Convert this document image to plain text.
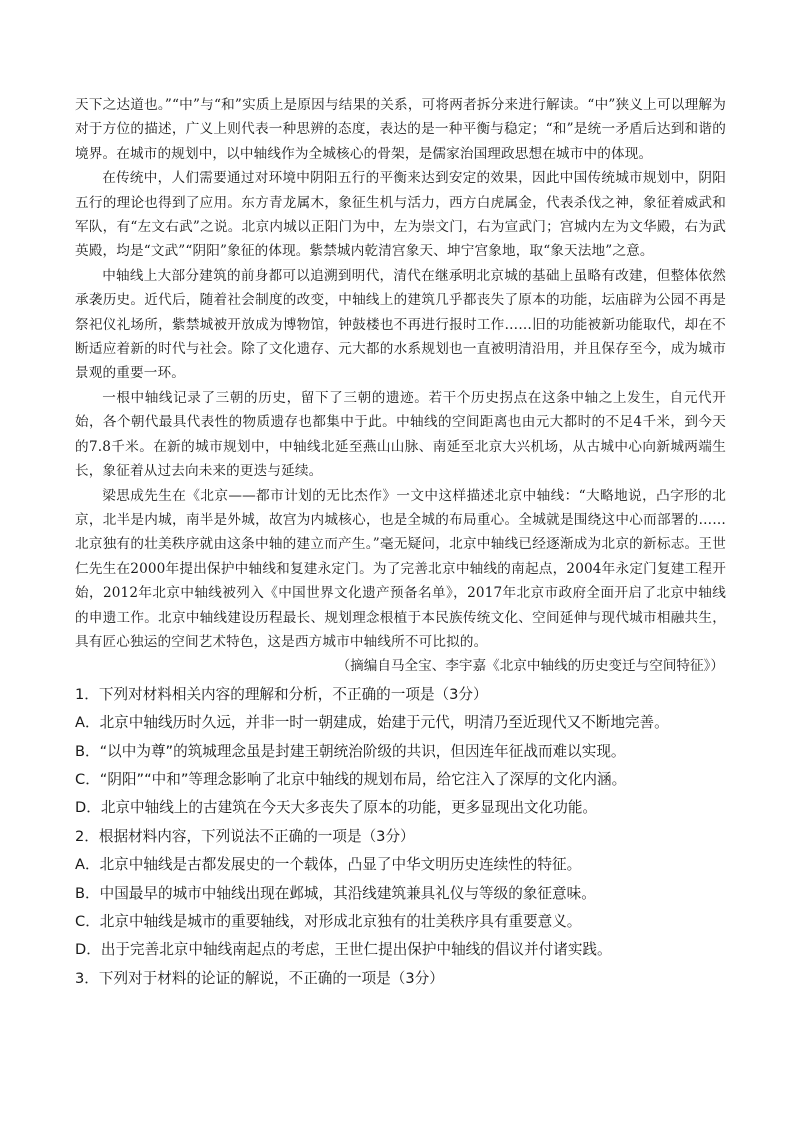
天下之达道也。”“中”与“和”实质上是原因与结果的关系，可将两者拆分来进行解读。“中”狭义上可以理解为对于方位的描述，广义上则代表一种思辨的态度，表达的是一种平衡与稳定；“和”是统一矛盾后达到和谐的境界。在城市的规划中，以中轴线作为全城核心的骨架，是儒家治国理政思想在城市中的体现。

在传统中，人们需要通过对环境中阴阳五行的平衡来达到安定的效果，因此中国传统城市规划中，阴阳五行的理论也得到了应用。东方青龙属木，象征生机与活力，西方白虎属金，代表杀伐之神，象征着威武和军队，有“左文右武”之说。北京内城以正阳门为中，左为崇文门，右为宣武门；宫城内左为文华殿，右为武英殿，均是“文武”“阴阳”象征的体现。紫禁城内乾清宫象天、坤宁宫象地，取“象天法地”之意。

中轴线上大部分建筑的前身都可以追溯到明代，清代在继承明北京城的基础上虽略有改建，但整体依然承袭历史。近代后，随着社会制度的改变，中轴线上的建筑几乎都丧失了原本的功能，坛庙辟为公园不再是祭祀仪礼场所，紫禁城被开放成为博物馆，钟鼓楼也不再进行报时工作……旧的功能被新功能取代，却在不断适应着新的时代与社会。除了文化遗存、元大都的水系规划也一直被明清沿用，并且保存至今，成为城市景观的重要一环。

一根中轴线记录了三朝的历史，留下了三朝的遗迹。若干个历史拐点在这条中轴之上发生，自元代开始，各个朝代最具代表性的物质遗存也都集中于此。中轴线的空间距离也由元大都时的不足4千米，到今天的7.8千米。在新的城市规划中，中轴线北延至燕山山脉、南延至北京大兴机场，从古城中心向新城两端生长，象征着从过去向未来的更迭与延续。

梁思成先生在《北京——都市计划的无比杰作》一文中这样描述北京中轴线：“大略地说，凸字形的北京，北半是内城，南半是外城，故宫为内城核心，也是全城的布局重心。全城就是围绕这中心而部署的……北京独有的壮美秩序就由这条中轴的建立而产生。”毫无疑问，北京中轴线已经逐渐成为北京的新标志。王世仁先生在2000年提出保护中轴线和复建永定门。为了完善北京中轴线的南起点，2004年永定门复建工程开始，2012年北京中轴线被列入《中国世界文化遗产预备名单》，2017年北京市政府全面开启了北京中轴线的申遗工作。北京中轴线建设历程最长、规划理念根植于本民族传统文化、空间延伸与现代城市相融共生，具有匠心独运的空间艺术特色，这是西方城市中轴线所不可比拟的。

（摘编自马全宝、李宇嘉《北京中轴线的历史变迁与空间特征》）

1．下列对材料相关内容的理解和分析，不正确的一项是（3分）
A．北京中轴线历时久远，并非一时一朝建成，始建于元代，明清乃至近现代又不断地完善。
B．“以中为尊”的筑城理念虽是封建王朝统治阶级的共识，但因连年征战而难以实现。
C．“阴阳”“中和”等理念影响了北京中轴线的规划布局，给它注入了深厚的文化内涵。
D．北京中轴线上的古建筑在今天大多丧失了原本的功能，更多显现出文化功能。
2．根据材料内容，下列说法不正确的一项是（3分）
A．北京中轴线是古都发展史的一个载体，凸显了中华文明历史连续性的特征。
B．中国最早的城市中轴线出现在邺城，其沿线建筑兼具礼仪与等级的象征意味。
C．北京中轴线是城市的重要轴线，对形成北京独有的壮美秩序具有重要意义。
D．出于完善北京中轴线南起点的考虑，王世仁提出保护中轴线的倡议并付诸实践。
3．下列对于材料的论证的解说，不正确的一项是（3分）
